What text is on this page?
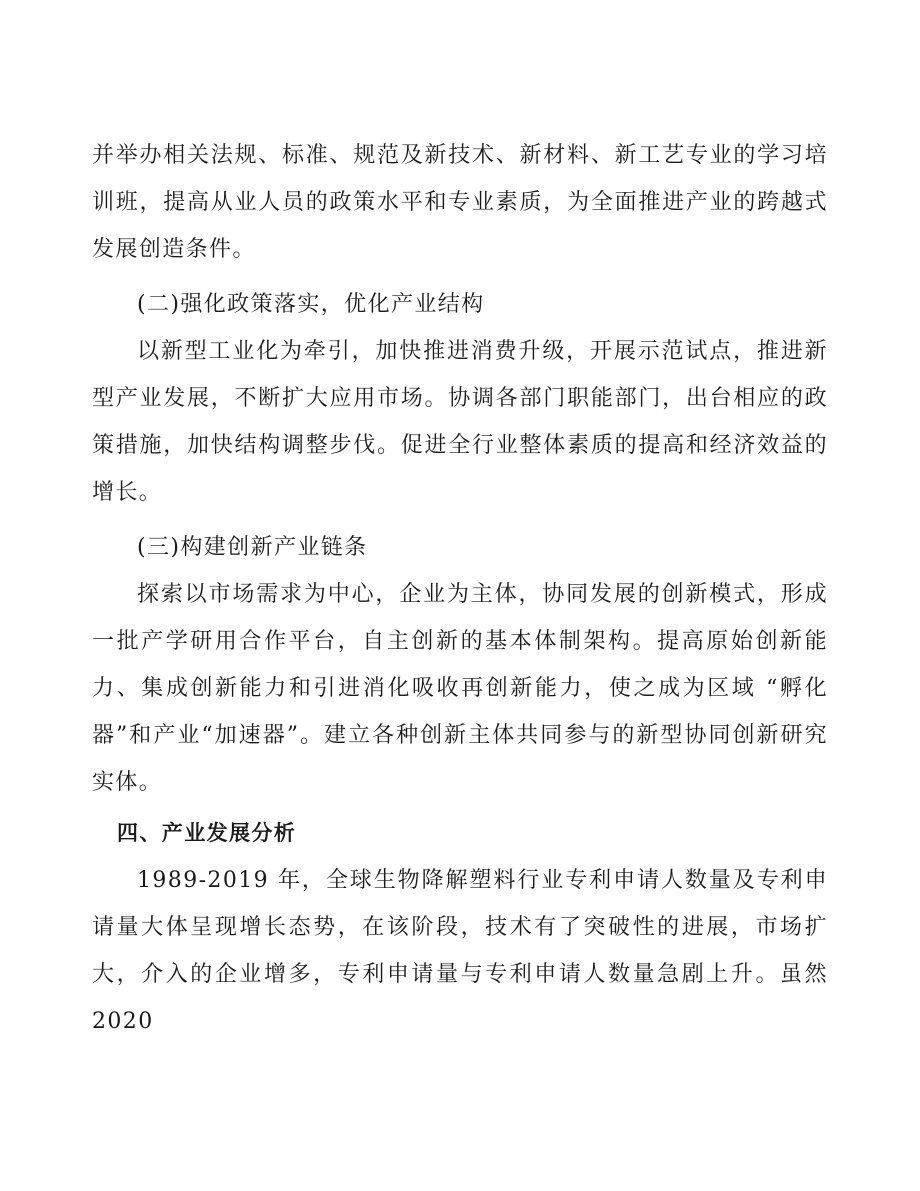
并举办相关法规、标准、规范及新技术、新材料、新工艺专业的学习培训班，提高从业人员的政策水平和专业素质，为全面推进产业的跨越式发展创造条件。

(二)强化政策落实，优化产业结构

以新型工业化为牵引，加快推进消费升级，开展示范试点，推进新型产业发展，不断扩大应用市场。协调各部门职能部门，出台相应的政策措施，加快结构调整步伐。促进全行业整体素质的提高和经济效益的增长。

(三)构建创新产业链条

探索以市场需求为中心，企业为主体，协同发展的创新模式，形成一批产学研用合作平台，自主创新的基本体制架构。提高原始创新能力、集成创新能力和引进消化吸收再创新能力，使之成为区域 “孵化器”和产业“加速器”。建立各种创新主体共同参与的新型协同创新研究实体。

四、产业发展分析

1989-2019 年，全球生物降解塑料行业专利申请人数量及专利申请量大体呈现增长态势，在该阶段，技术有了突破性的进展，市场扩大，介入的企业增多，专利申请量与专利申请人数量急剧上升。虽然 2020
